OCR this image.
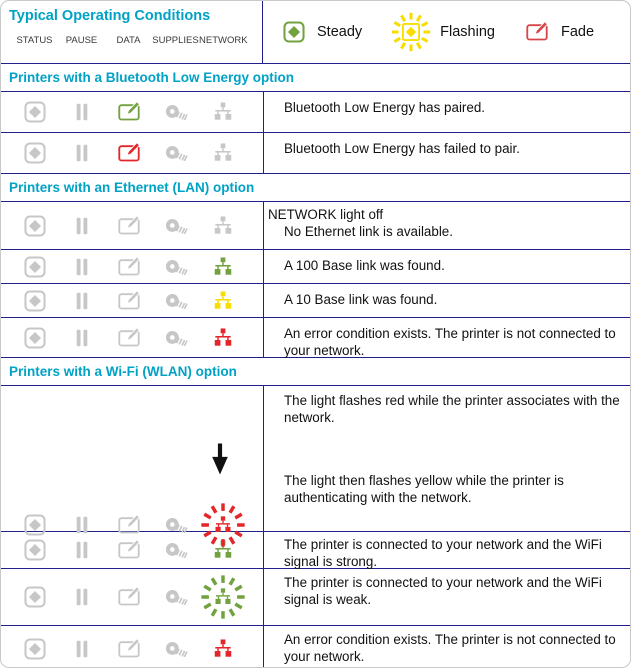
Typical Operating Conditions
STATUS	PAUSE	DATA	SUPPLIES NETWORK
Steady	Flashing	Fade
Printers with a Bluetooth Low Energy option

Bluetooth Low Energy has paired.

Bluetooth Low Energy has failed to pair.

Printers with an Ethernet (LAN) option

NETWORK light off

No Ethernet link is available.

A 100 Base link was found.

A 10 Base link was found.

An error condition exists. The printer is not connected to your network.

Printers with a Wi-Fi (WLAN) option

The light flashes red while the printer associates with the network.

The light then flashes yellow while the printer is authenticating with the network.

The printer is connected to your network and the WiFi signal is strong.

The printer is connected to your network and the WiFi signal is weak.

An error condition exists. The printer is not connected to your network.
